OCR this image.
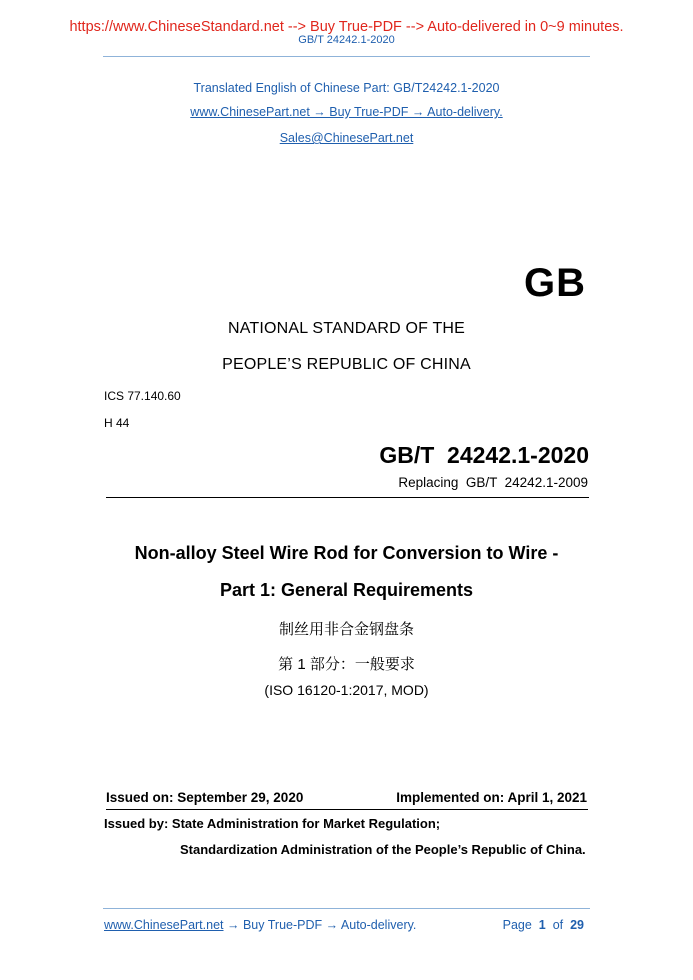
https://www.ChineseStandard.net --> Buy True-PDF --> Auto-delivered in 0~9 minutes.
GB/T 24242.1-2020
Translated English of Chinese Part: GB/T24242.1-2020
www.ChinesePart.net → Buy True-PDF → Auto-delivery.
Sales@ChinesePart.net
GB
NATIONAL STANDARD OF THE
PEOPLE’S REPUBLIC OF CHINA
ICS 77.140.60
H 44
GB/T  24242.1-2020
Replacing  GB/T  24242.1-2009
Non-alloy Steel Wire Rod for Conversion to Wire -
Part 1: General Requirements
制丝用非合金钢盘条
第 1 部分：一般要求
(ISO 16120-1:2017, MOD)
Issued on: September 29, 2020	Implemented on: April 1, 2021
Issued by: State Administration for Market Regulation;
Standardization Administration of the People’s Republic of China.
www.ChinesePart.net → Buy True-PDF → Auto-delivery.	Page 1 of 29
